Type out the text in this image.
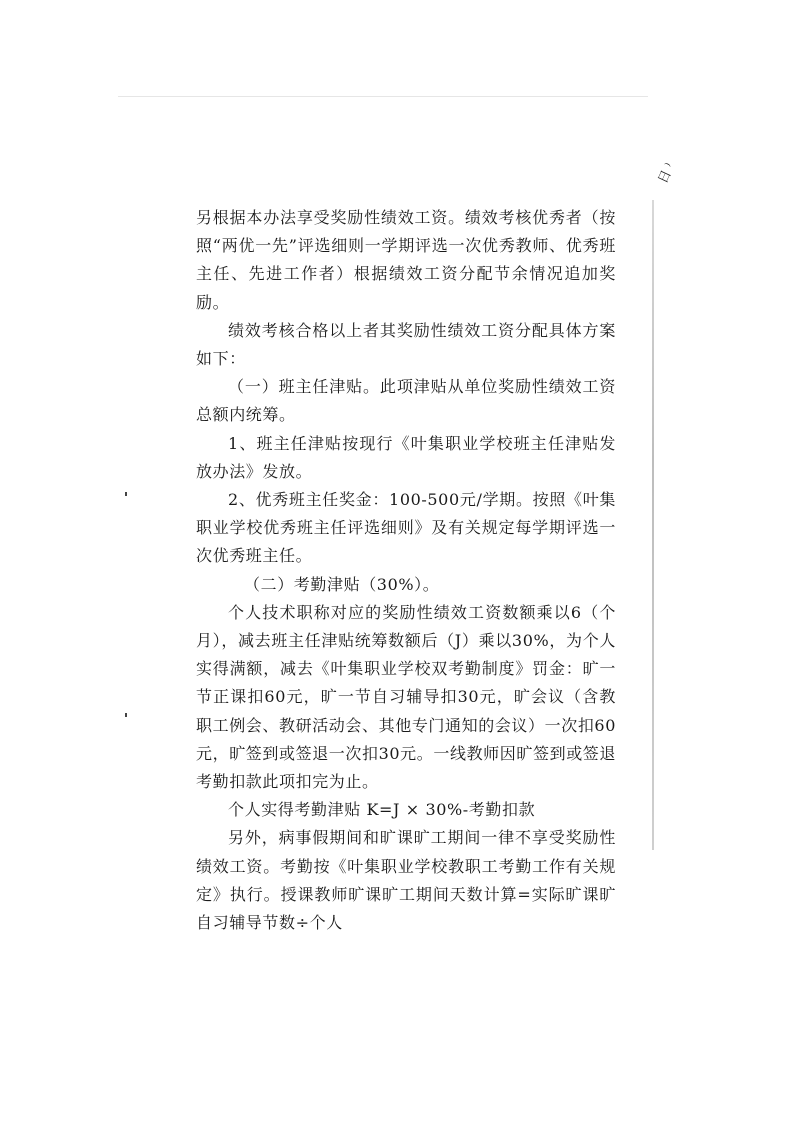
日 ⁾

另根据本办法享受奖励性绩效工资。绩效考核优秀者（按照“两优一先”评选细则一学期评选一次优秀教师、优秀班主任、先进工作者）根据绩效工资分配节余情况追加奖励。

绩效考核合格以上者其奖励性绩效工资分配具体方案如下：

（一）班主任津贴。此项津贴从单位奖励性绩效工资总额内统筹。

1、班主任津贴按现行《叶集职业学校班主任津贴发放办法》发放。

2、优秀班主任奖金：100-500元/学期。按照《叶集职业学校优秀班主任评选细则》及有关规定每学期评选一次优秀班主任。

（二）考勤津贴（30%）。

个人技术职称对应的奖励性绩效工资数额乘以6（个月），减去班主任津贴统筹数额后（J）乘以30%，为个人实得满额，减去《叶集职业学校双考勤制度》罚金：旷一节正课扣60元，旷一节自习辅导扣30元，旷会议（含教职工例会、教研活动会、其他专门通知的会议）一次扣60元，旷签到或签退一次扣30元。一线教师因旷签到或签退考勤扣款此项扣完为止。

个人实得考勤津贴 K=J × 30%-考勤扣款

另外，病事假期间和旷课旷工期间一律不享受奖励性绩效工资。考勤按《叶集职业学校教职工考勤工作有关规定》执行。授课教师旷课旷工期间天数计算=实际旷课旷自习辅导节数÷个人
